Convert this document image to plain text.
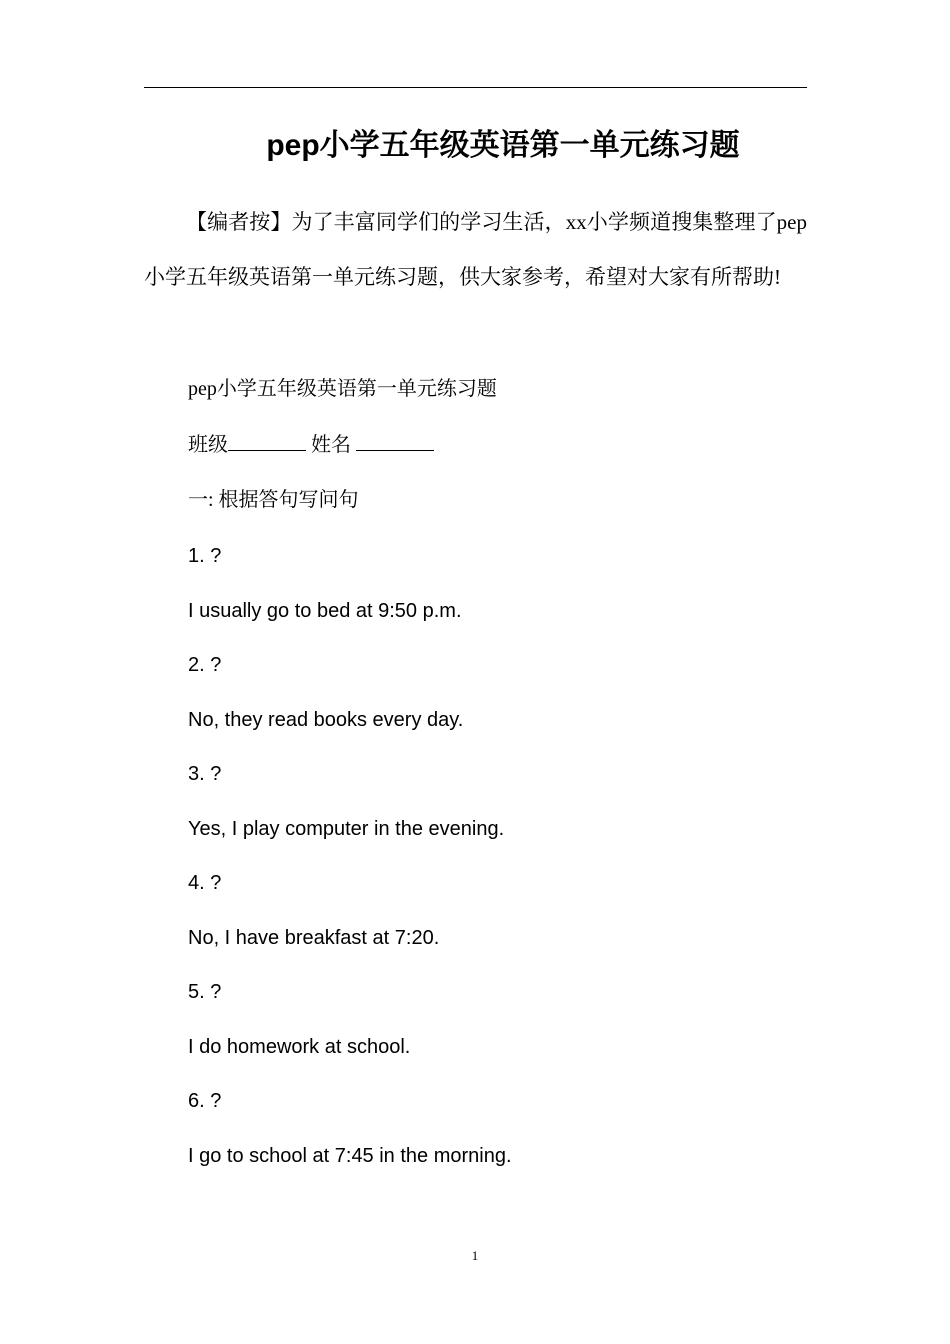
pep小学五年级英语第一单元练习题
【编者按】为了丰富同学们的学习生活，xx小学频道搜集整理了pep小学五年级英语第一单元练习题，供大家参考，希望对大家有所帮助!
pep小学五年级英语第一单元练习题
班级	姓名
一: 根据答句写问句
1. ?
I usually go to bed at 9:50 p.m.
2. ?
No, they read books every day.
3. ?
Yes, I play computer in the evening.
4. ?
No, I have breakfast at 7:20.
5. ?
I do homework at school.
6. ?
I go to school at 7:45 in the morning.
1
